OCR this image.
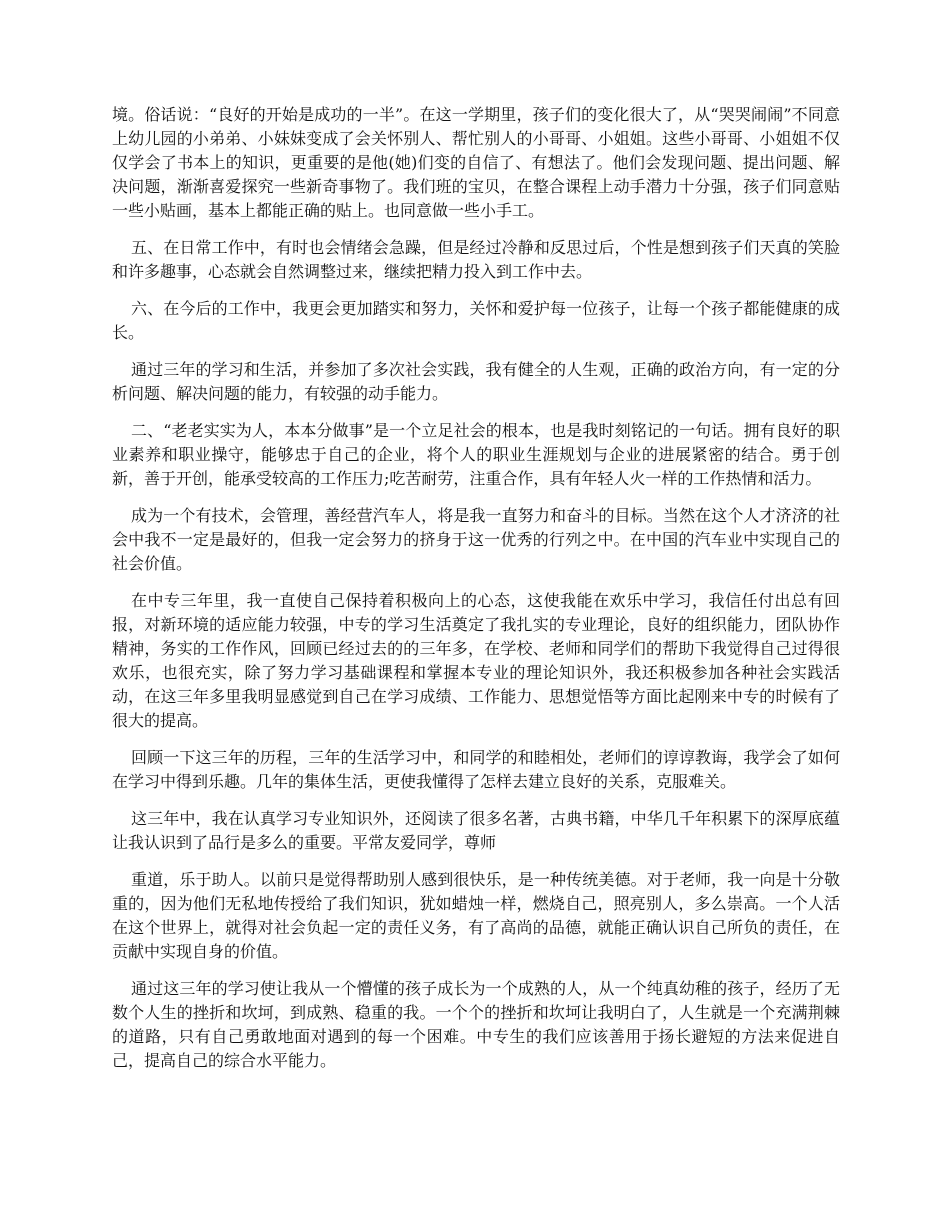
境。俗话说：“良好的开始是成功的一半”。在这一学期里，孩子们的变化很大了，从“哭哭闹闹”不同意上幼儿园的小弟弟、小妹妹变成了会关怀别人、帮忙别人的小哥哥、小姐姐。这些小哥哥、小姐姐不仅仅学会了书本上的知识，更重要的是他(她)们变的自信了、有想法了。他们会发现问题、提出问题、解决问题，渐渐喜爱探究一些新奇事物了。我们班的宝贝，在整合课程上动手潜力十分强，孩子们同意贴一些小贴画，基本上都能正确的贴上。也同意做一些小手工。

五、在日常工作中，有时也会情绪会急躁，但是经过冷静和反思过后，个性是想到孩子们天真的笑脸和许多趣事，心态就会自然调整过来，继续把精力投入到工作中去。

六、在今后的工作中，我更会更加踏实和努力，关怀和爱护每一位孩子，让每一个孩子都能健康的成长。

通过三年的学习和生活，并参加了多次社会实践，我有健全的人生观，正确的政治方向，有一定的分析问题、解决问题的能力，有较强的动手能力。

二、“老老实实为人，本本分做事”是一个立足社会的根本，也是我时刻铭记的一句话。拥有良好的职业素养和职业操守，能够忠于自己的企业，将个人的职业生涯规划与企业的进展紧密的结合。勇于创新，善于开创，能承受较高的工作压力;吃苦耐劳，注重合作，具有年轻人火一样的工作热情和活力。

成为一个有技术，会管理，善经营汽车人，将是我一直努力和奋斗的目标。当然在这个人才济济的社会中我不一定是最好的，但我一定会努力的挤身于这一优秀的行列之中。在中国的汽车业中实现自己的社会价值。

在中专三年里，我一直使自己保持着积极向上的心态，这使我能在欢乐中学习，我信任付出总有回报，对新环境的适应能力较强，中专的学习生活奠定了我扎实的专业理论，良好的组织能力，团队协作精神，务实的工作作风，回顾已经过去的的三年多，在学校、老师和同学们的帮助下我觉得自己过得很欢乐，也很充实，除了努力学习基础课程和掌握本专业的理论知识外，我还积极参加各种社会实践活动，在这三年多里我明显感觉到自己在学习成绩、工作能力、思想觉悟等方面比起刚来中专的时候有了很大的提高。

回顾一下这三年的历程，三年的生活学习中，和同学的和睦相处，老师们的谆谆教诲，我学会了如何在学习中得到乐趣。几年的集体生活，更使我懂得了怎样去建立良好的关系，克服难关。

这三年中，我在认真学习专业知识外，还阅读了很多名著，古典书籍，中华几千年积累下的深厚底蕴让我认识到了品行是多么的重要。平常友爱同学，尊师

重道，乐于助人。以前只是觉得帮助别人感到很快乐，是一种传统美德。对于老师，我一向是十分敬重的，因为他们无私地传授给了我们知识，犹如蜡烛一样，燃烧自己，照亮别人，多么崇高。一个人活在这个世界上，就得对社会负起一定的责任义务，有了高尚的品德，就能正确认识自己所负的责任，在贡献中实现自身的价值。

通过这三年的学习使让我从一个懵懂的孩子成长为一个成熟的人，从一个纯真幼稚的孩子，经历了无数个人生的挫折和坎坷，到成熟、稳重的我。一个个的挫折和坎坷让我明白了，人生就是一个充满荆棘的道路，只有自己勇敢地面对遇到的每一个困难。中专生的我们应该善用于扬长避短的方法来促进自己，提高自己的综合水平能力。
